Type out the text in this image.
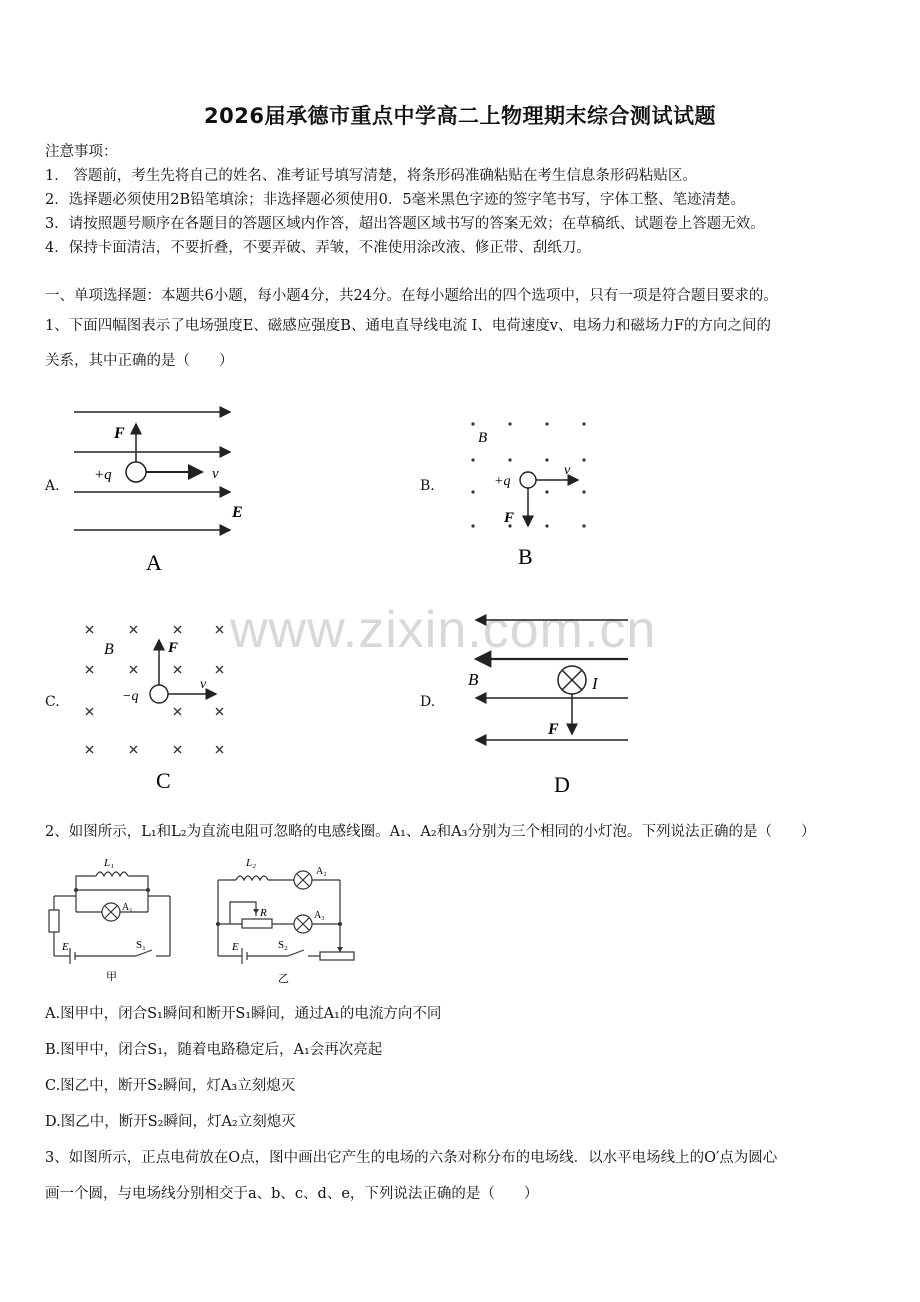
www.zixin.com.cn
2026届承德市重点中学高二上物理期末综合测试试题
注意事项：
1． 答题前，考生先将自己的姓名、准考证号填写清楚，将条形码准确粘贴在考生信息条形码粘贴区。
2．选择题必须使用2B铅笔填涂；非选择题必须使用0．5毫米黑色字迹的签字笔书写，字体工整、笔迹清楚。
3．请按照题号顺序在各题目的答题区域内作答，超出答题区域书写的答案无效；在草稿纸、试题卷上答题无效。
4．保持卡面清洁，不要折叠，不要弄破、弄皱，不准使用涂改液、修正带、刮纸刀。
一、单项选择题：本题共6小题，每小题4分，共24分。在每小题给出的四个选项中，只有一项是符合题目要求的。
1、下面四幅图表示了电场强度E、磁感应强度B、通电直导线电流 I、电荷速度v、电场力和磁场力F的方向之间的
关系，其中正确的是（　　）
A.	B.
C.	D.
F
+q	v
E
A
B
+q
v
F
B
B	F
−q
v
C
B	I
F
D
2、如图所示，L₁和L₂为直流电阻可忽略的电感线圈。A₁、A₂和A₃分别为三个相同的小灯泡。下列说法正确的是（　　）
L₁
A₁
E	S₁
甲
L₂
A₂
R	A₃
E	S₂
乙
A.图甲中，闭合S₁瞬间和断开S₁瞬间，通过A₁的电流方向不同
B.图甲中，闭合S₁，随着电路稳定后，A₁会再次亮起
C.图乙中，断开S₂瞬间，灯A₃立刻熄灭
D.图乙中，断开S₂瞬间，灯A₂立刻熄灭
3、如图所示，正点电荷放在O点，图中画出它产生的电场的六条对称分布的电场线．以水平电场线上的O′点为圆心
画一个圆，与电场线分别相交于a、b、c、d、e，下列说法正确的是（　　）
